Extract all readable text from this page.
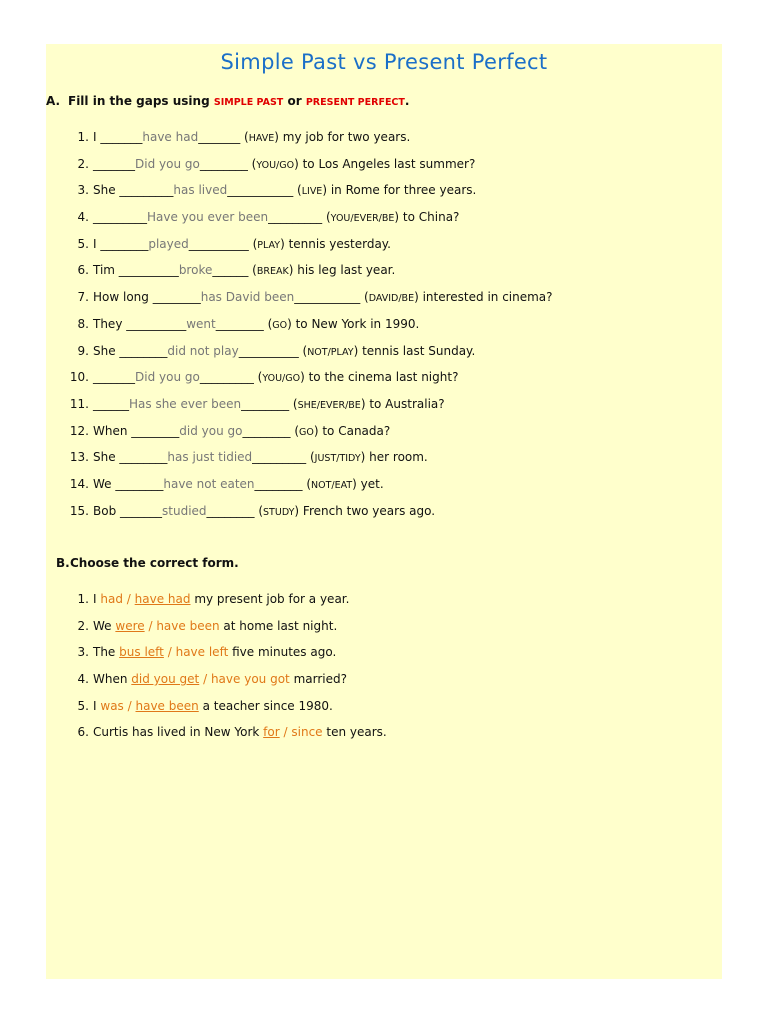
Simple Past vs Present Perfect
A. Fill in the gaps using SIMPLE PAST or PRESENT PERFECT.
1. I _______have had_______ (HAVE) my job for two years.
2. _______Did you go________ (YOU/GO) to Los Angeles last summer?
3. She _________has lived___________ (LIVE) in Rome for three years.
4. _________Have you ever been_________ (YOU/EVER/BE) to China?
5. I ________played__________ (PLAY) tennis yesterday.
6. Tim __________broke______ (BREAK) his leg last year.
7. How long ________has David been___________ (DAVID/BE) interested in cinema?
8. They __________went________ (GO) to New York in 1990.
9. She ________did not play__________ (NOT/PLAY) tennis last Sunday.
10. _______Did you go_________ (YOU/GO) to the cinema last night?
11. ______Has she ever been________ (SHE/EVER/BE) to Australia?
12. When ________did you go________ (GO) to Canada?
13. She ________has just tidied_________ (JUST/TIDY) her room.
14. We ________have not eaten________ (NOT/EAT) yet.
15. Bob _______studied________ (STUDY) French two years ago.
B.Choose the correct form.
1. I had / have had my present job for a year.
2. We were / have been at home last night.
3. The bus left / have left five minutes ago.
4. When did you get / have you got married?
5. I was / have been a teacher since 1980.
6. Curtis has lived in New York for / since ten years.
